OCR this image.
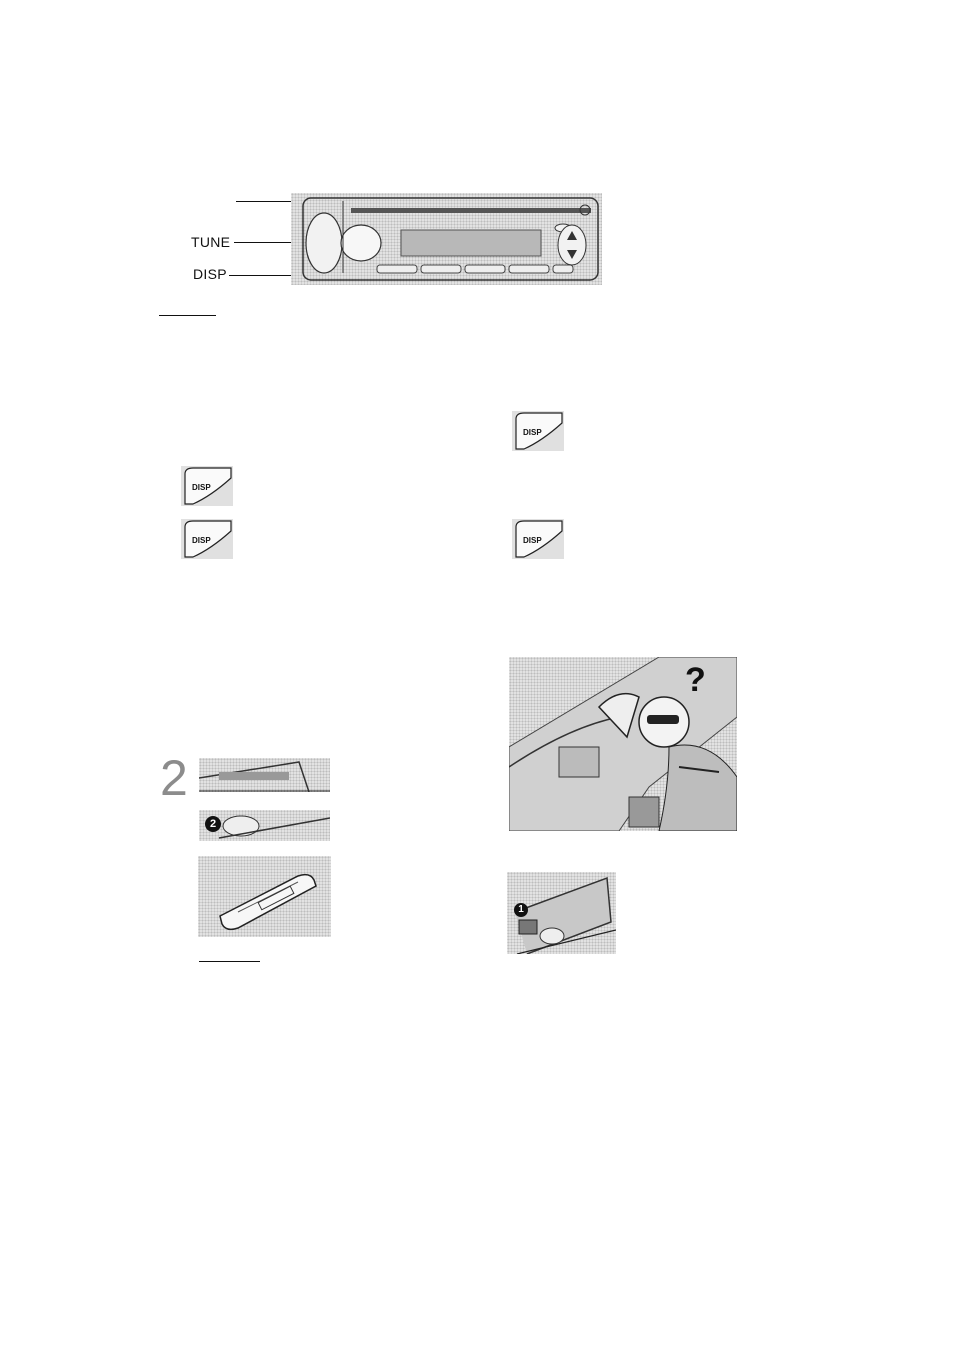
TUNE
DISP
DISP
DISP
DISP	DISP
?
2
2
1
